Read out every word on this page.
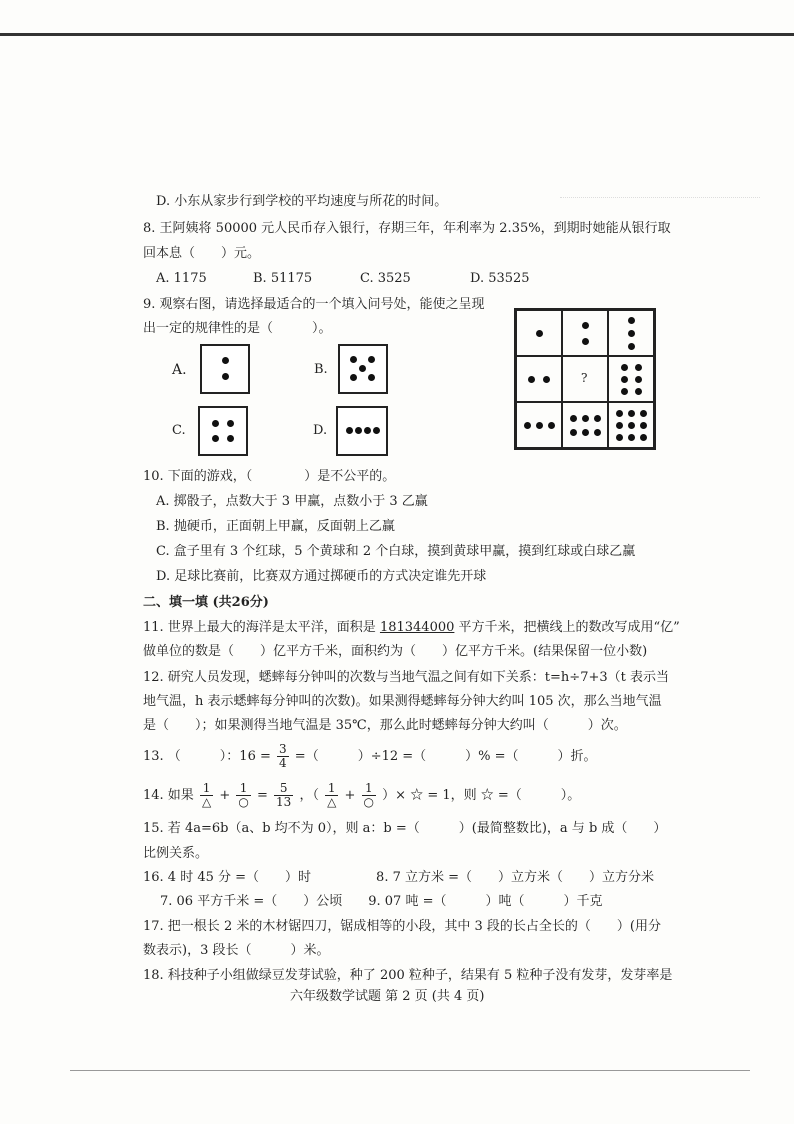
D. 小东从家步行到学校的平均速度与所花的时间。
8. 王阿姨将 50000 元人民币存入银行，存期三年，年利率为 2.35%，到期时她能从银行取
回本息（　　）元。
A. 1175	B. 51175	C. 3525	D. 53525
9. 观察右图，请选择最适合的一个填入问号处，能使之呈现
出一定的规律性的是（　　　）。
A.	B.
C.	D.
?
10. 下面的游戏，（　　　　）是不公平的。
A. 掷骰子，点数大于 3 甲赢，点数小于 3 乙赢
B. 抛硬币，正面朝上甲赢，反面朝上乙赢
C. 盒子里有 3 个红球，5 个黄球和 2 个白球，摸到黄球甲赢，摸到红球或白球乙赢
D. 足球比赛前，比赛双方通过掷硬币的方式决定谁先开球
二、填一填 (共26分)
11. 世界上最大的海洋是太平洋，面积是 181344000 平方千米，把横线上的数改写成用“亿”
做单位的数是（　　）亿平方千米，面积约为（　　）亿平方千米。(结果保留一位小数)
12. 研究人员发现，蟋蟀每分钟叫的次数与当地气温之间有如下关系：t=h÷7+3（t 表示当
地气温，h 表示蟋蟀每分钟叫的次数)。如果测得蟋蟀每分钟大约叫 105 次，那么当地气温
是（　　）；如果测得当地气温是 35℃，那么此时蟋蟀每分钟大约叫（　　　）次。
13. （　　　）：$16 = \frac{3}{4}$ =（　　　）÷12 =（　　　）% =（　　　）折。
14. 如果 $\frac{1}{\triangle} + \frac{1}{○} = \frac{5}{13}$ ，（ $\frac{1}{\triangle} + \frac{1}{○}$ ）× ☆ = 1，则 ☆ =（　　　）。
15. 若 4a=6b（a、b 均不为 0），则 a：b =（　　　）(最简整数比)，a 与 b 成（　　）
比例关系。
16. 4 时 45 分 =（　　）时　　　　　8. 7 立方米 =（　　）立方米（　　）立方分米
7. 06 平方千米 =（　　）公顷　　9. 07 吨 =（　　　）吨（　　　）千克
17. 把一根长 2 米的木材锯四刀，锯成相等的小段，其中 3 段的长占全长的（　　）(用分
数表示)，3 段长（　　　）米。
18. 科技种子小组做绿豆发芽试验，种了 200 粒种子，结果有 5 粒种子没有发芽，发芽率是
六年级数学试题 第 2 页 (共 4 页)
